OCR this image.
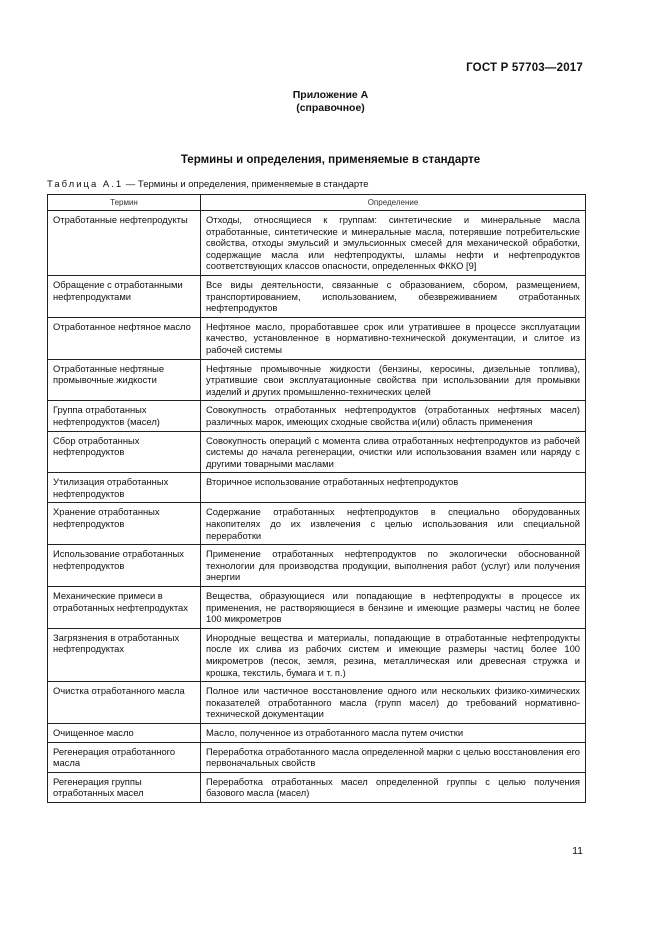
ГОСТ Р 57703—2017
Приложение А
(справочное)
Термины и определения, применяемые в стандарте
Таблица А.1 — Термины и определения, применяемые в стандарте
Термин	Определение
Отработанные нефтепродукты	Отходы, относящиеся к группам: синтетические и минеральные масла отработанные, синтетические и минеральные масла, потерявшие потребительские свойства, отходы эмульсий и эмульсионных смесей для механической обработки, содержащие масла или нефтепродукты, шламы нефти и нефтепродуктов соответствующих классов опасности, определенных ФККО [9]
Обращение с отработанными нефтепродуктами	Все виды деятельности, связанные с образованием, сбором, размещением, транспортированием, использованием, обезвреживанием отработанных нефтепродуктов
Отработанное нефтяное масло	Нефтяное масло, проработавшее срок или утратившее в процессе эксплуатации качество, установленное в нормативно-технической документации, и слитое из рабочей системы
Отработанные нефтяные промывочные жидкости	Нефтяные промывочные жидкости (бензины, керосины, дизельные топлива), утратившие свои эксплуатационные свойства при использовании для промывки изделий и других промышленно-технических целей
Группа отработанных нефтепродуктов (масел)	Совокупность отработанных нефтепродуктов (отработанных нефтяных масел) различных марок, имеющих сходные свойства и(или) область применения
Сбор отработанных нефтепродуктов	Совокупность операций с момента слива отработанных нефтепродуктов из рабочей системы до начала регенерации, очистки или использования взамен или наряду с другими товарными маслами
Утилизация отработанных нефтепродуктов	Вторичное использование отработанных нефтепродуктов
Хранение отработанных нефтепродуктов	Содержание отработанных нефтепродуктов в специально оборудованных накопителях до их извлечения с целью использования или специальной переработки
Использование отработанных нефтепродуктов	Применение отработанных нефтепродуктов по экологически обоснованной технологии для производства продукции, выполнения работ (услуг) или получения энергии
Механические примеси в отработанных нефтепродуктах	Вещества, образующиеся или попадающие в нефтепродукты в процессе их применения, не растворяющиеся в бензине и имеющие размеры частиц не более 100 микрометров
Загрязнения в отработанных нефтепродуктах	Инородные вещества и материалы, попадающие в отработанные нефтепродукты после их слива из рабочих систем и имеющие размеры частиц более 100 микрометров (песок, земля, резина, металлическая или древесная стружка и крошка, текстиль, бумага и т. п.)
Очистка отработанного масла	Полное или частичное восстановление одного или нескольких физико-химических показателей отработанного масла (групп масел) до требований нормативно-технической документации
Очищенное масло	Масло, полученное из отработанного масла путем очистки
Регенерация отработанного масла	Переработка отработанного масла определенной марки с целью восстановления его первоначальных свойств
Регенерация группы отработанных масел	Переработка отработанных масел определенной группы с целью получения базового масла (масел)
11
